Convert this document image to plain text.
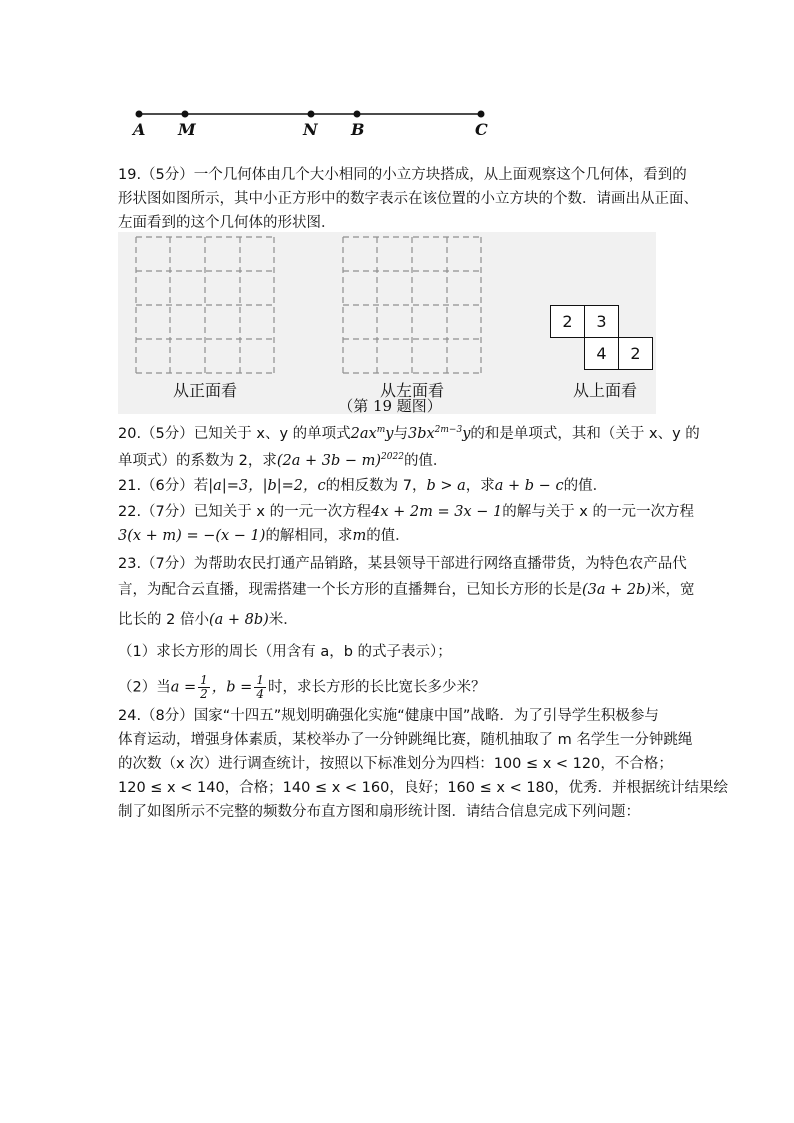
A M	N B	C
19.（5分）一个几何体由几个大小相同的小立方块搭成，从上面观察这个几何体，看到的
形状图如图所示，其中小正方形中的数字表示在该位置的小立方块的个数．请画出从正面、
左面看到的这个几何体的形状图．
从正面看	从左面看
2	3
4	2
从上面看
（第 19 题图）
20.（5分）已知关于 x、y 的单项式$2ax^my$与$3bx^{2m-3}y$的和是单项式，其和（关于 x、y 的
单项式）的系数为 2，求$(2a + 3b - m)^{2022}$的值．
21.（6分）若|a|=3，|b|=2，c的相反数为 7，b > a，求a + b − c的值．
22.（7分）已知关于 x 的一元一次方程4x + 2m = 3x − 1的解与关于 x 的一元一次方程
3(x + m) = −(x − 1)的解相同，求m的值．
23.（7分）为帮助农民打通产品销路，某县领导干部进行网络直播带货，为特色农产品代
言，为配合云直播，现需搭建一个长方形的直播舞台，已知长方形的长是(3a + 2b)米，宽
比长的 2 倍小(a + 8b)米．
（1）求长方形的周长（用含有 a，b 的式子表示）；
（2）当$a = \frac{1}{2}$ ，$b = \frac{1}{4}$ 时，求长方形的长比宽长多少米？
24.（8分）国家“十四五”规划明确强化实施“健康中国”战略．为了引导学生积极参与
体育运动，增强身体素质，某校举办了一分钟跳绳比赛，随机抽取了 m 名学生一分钟跳绳
的次数（x 次）进行调查统计，按照以下标准划分为四档：100 ≤ x < 120，不合格；
120 ≤ x < 140，合格；140 ≤ x < 160，良好；160 ≤ x < 180，优秀．并根据统计结果绘
制了如图所示不完整的频数分布直方图和扇形统计图．请结合信息完成下列问题：
